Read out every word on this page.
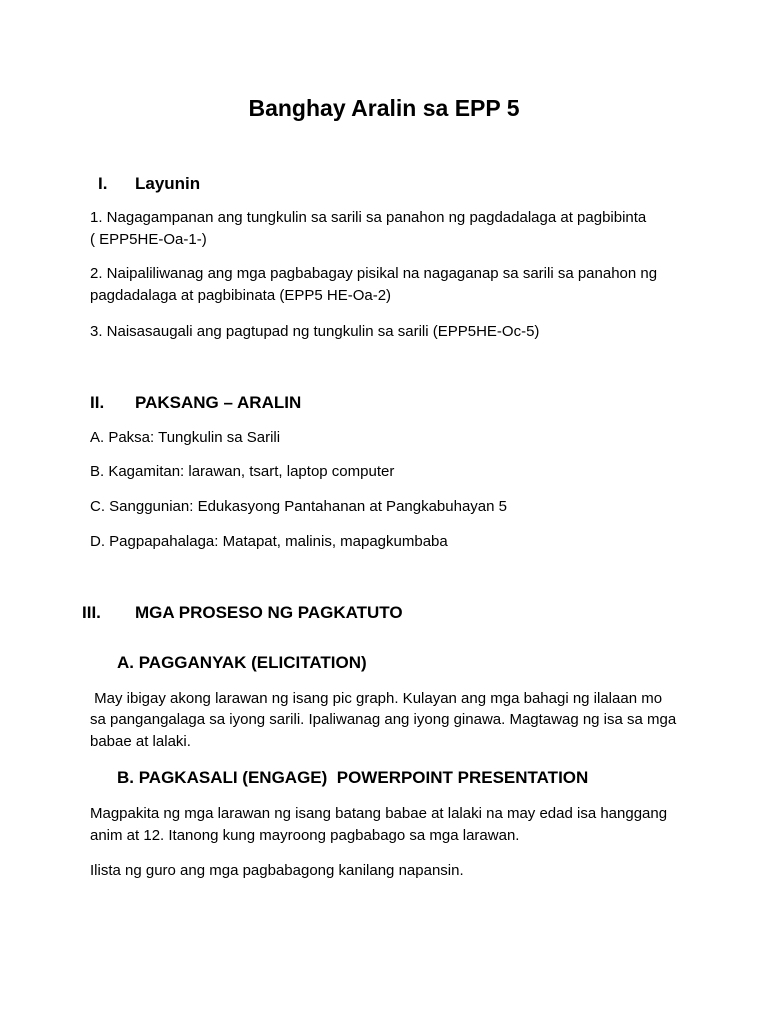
Banghay Aralin sa EPP 5
I. Layunin
1. Nagagampanan ang tungkulin sa sarili sa panahon ng pagdadalaga at pagbibinta
( EPP5HE-Oa-1-)
2. Naipaliliwanag ang mga pagbabagay pisikal na nagaganap sa sarili sa panahon ng
pagdadalaga at pagbibinata (EPP5 HE-Oa-2)
3. Naisasaugali ang pagtupad ng tungkulin sa sarili (EPP5HE-Oc-5)
II. PAKSANG – ARALIN
A. Paksa: Tungkulin sa Sarili
B. Kagamitan: larawan, tsart, laptop computer
C. Sanggunian: Edukasyong Pantahanan at Pangkabuhayan 5
D. Pagpapahalaga: Matapat, malinis, mapagkumbaba
III. MGA PROSESO NG PAGKATUTO
A. PAGGANYAK (ELICITATION)
May ibigay akong larawan ng isang pic graph. Kulayan ang mga bahagi ng ilalaan mo
sa pangangalaga sa iyong sarili. Ipaliwanag ang iyong ginawa. Magtawag ng isa sa mga
babae at lalaki.
B. PAGKASALI (ENGAGE)  POWERPOINT PRESENTATION
Magpakita ng mga larawan ng isang batang babae at lalaki na may edad isa hanggang
anim at 12. Itanong kung mayroong pagbabago sa mga larawan.
Ilista ng guro ang mga pagbabagong kanilang napansin.
